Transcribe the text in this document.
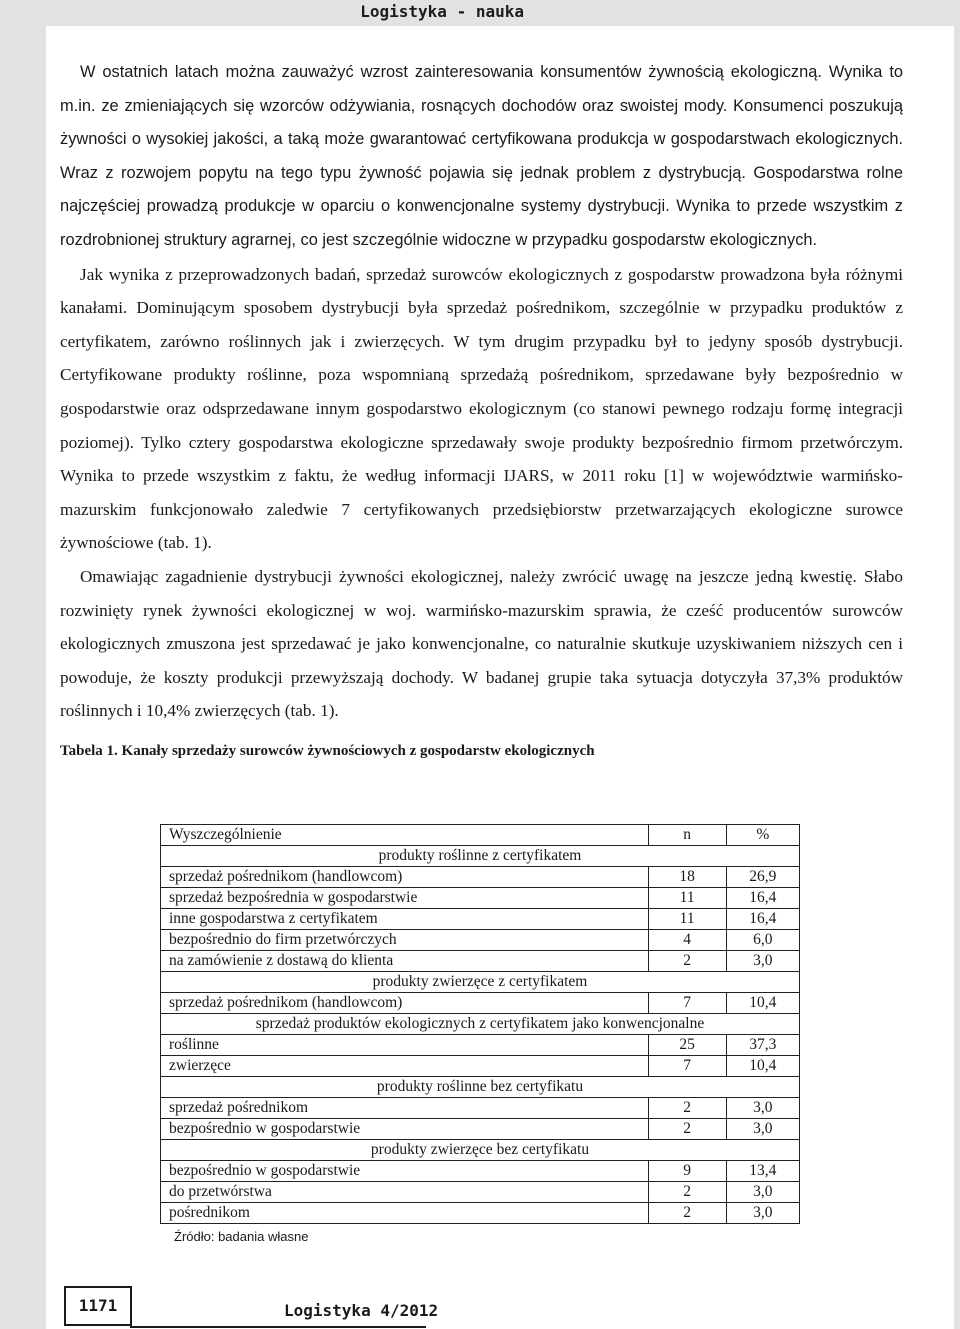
Logistyka - nauka

W ostatnich latach można zauważyć wzrost zainteresowania konsumentów żywnością ekologiczną. Wynika to m.in. ze zmieniających się wzorców odżywiania, rosnących dochodów oraz swoistej mody. Konsumenci poszukują żywności o wysokiej jakości, a taką może gwarantować certyfikowana produkcja w gospodarstwach ekologicznych. Wraz z rozwojem popytu na tego typu żywność pojawia się jednak problem z dystrybucją. Gospodarstwa rolne najczęściej prowadzą produkcje w oparciu o konwencjonalne systemy dystrybucji. Wynika to przede wszystkim z rozdrobnionej struktury agrarnej, co jest szczególnie widoczne w przypadku gospodarstw ekologicznych.

Jak wynika z przeprowadzonych badań, sprzedaż surowców ekologicznych z gospodarstw prowadzona była różnymi kanałami. Dominującym sposobem dystrybucji była sprzedaż pośrednikom, szczególnie w przypadku produktów z certyfikatem, zarówno roślinnych jak i zwierzęcych. W tym drugim przypadku był to jedyny sposób dystrybucji. Certyfikowane produkty roślinne, poza wspomnianą sprzedażą pośrednikom, sprzedawane były bezpośrednio w gospodarstwie oraz odsprzedawane innym gospodarstwo ekologicznym (co stanowi pewnego rodzaju formę integracji poziomej). Tylko cztery gospodarstwa ekologiczne sprzedawały swoje produkty bezpośrednio firmom przetwórczym. Wynika to przede wszystkim z faktu, że według informacji IJARS, w 2011 roku [1] w województwie warmińsko-mazurskim funkcjonowało zaledwie 7 certyfikowanych przedsiębiorstw przetwarzających ekologiczne surowce żywnościowe (tab. 1).

Omawiając zagadnienie dystrybucji żywności ekologicznej, należy zwrócić uwagę na jeszcze jedną kwestię. Słabo rozwinięty rynek żywności ekologicznej w woj. warmińsko-mazurskim sprawia, że cześć producentów surowców ekologicznych zmuszona jest sprzedawać je jako konwencjonalne, co naturalnie skutkuje uzyskiwaniem niższych cen i powoduje, że koszty produkcji przewyższają dochody. W badanej grupie taka sytuacja dotyczyła 37,3% produktów roślinnych i 10,4% zwierzęcych (tab. 1).

Tabela 1. Kanały sprzedaży surowców żywnościowych z gospodarstw ekologicznych

Wyszczególnienie	n	%
produkty roślinne z certyfikatem		
sprzedaż pośrednikom (handlowcom)	18	26,9
sprzedaż bezpośrednia w gospodarstwie	11	16,4
inne gospodarstwa z certyfikatem	11	16,4
bezpośrednio do firm przetwórczych	4	6,0
na zamówienie z dostawą do klienta	2	3,0
produkty zwierzęce z certyfikatem		
sprzedaż pośrednikom (handlowcom)	7	10,4
sprzedaż produktów ekologicznych z certyfikatem jako konwencjonalne		
roślinne	25	37,3
zwierzęce	7	10,4
produkty roślinne bez certyfikatu		
sprzedaż pośrednikom	2	3,0
bezpośrednio w gospodarstwie	2	3,0
produkty zwierzęce bez certyfikatu		
bezpośrednio w gospodarstwie	9	13,4
do przetwórstwa	2	3,0
pośrednikom	2	3,0
Źródło: badania własne
1171	Logistyka 4/2012
